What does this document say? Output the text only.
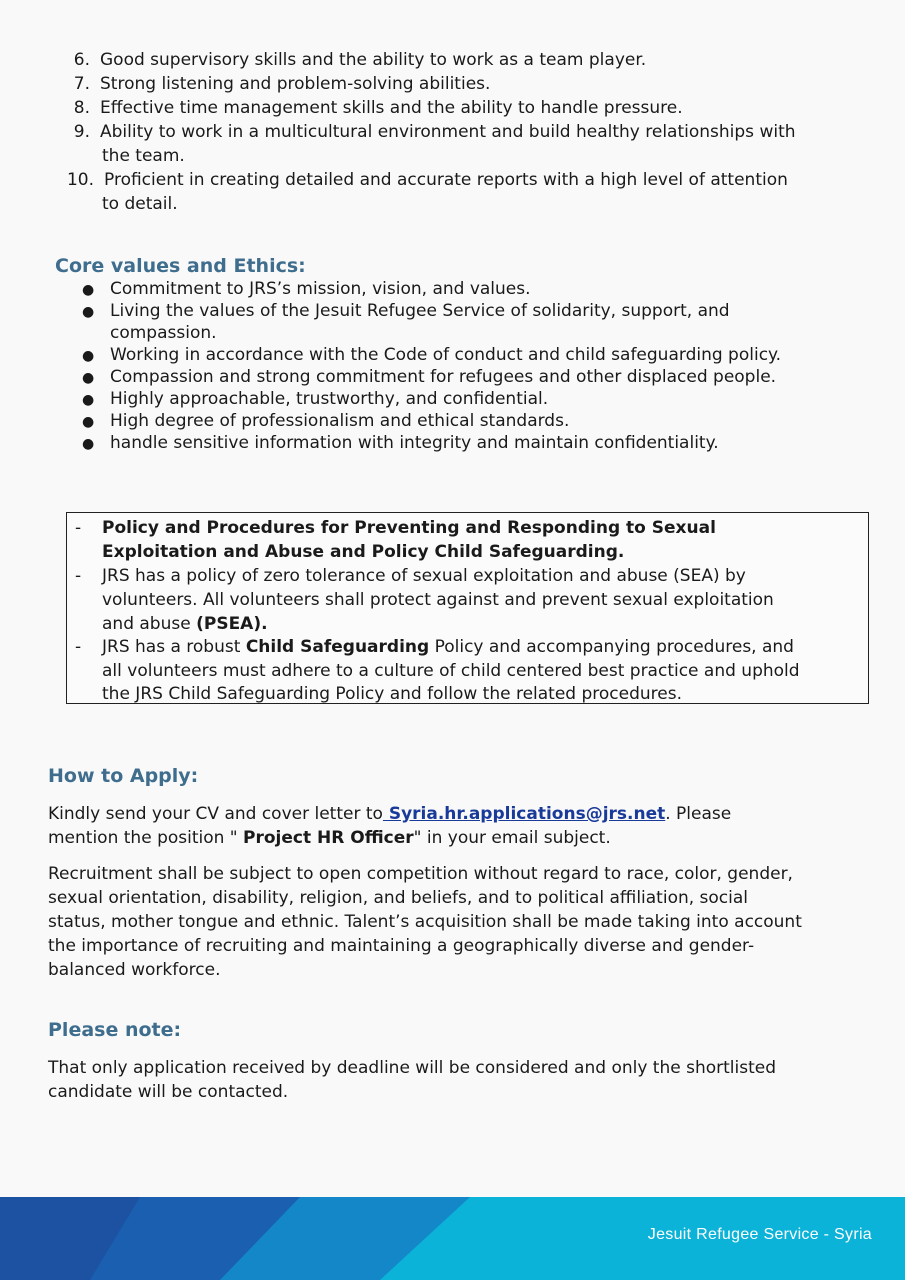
6. Good supervisory skills and the ability to work as a team player.
7. Strong listening and problem-solving abilities.
8. Effective time management skills and the ability to handle pressure.
9. Ability to work in a multicultural environment and build healthy relationships with
the team.
10. Proficient in creating detailed and accurate reports with a high level of attention
to detail.
Core values and Ethics:
● Commitment to JRS’s mission, vision, and values.
● Living the values of the Jesuit Refugee Service of solidarity, support, and
compassion.
● Working in accordance with the Code of conduct and child safeguarding policy.
● Compassion and strong commitment for refugees and other displaced people.
● Highly approachable, trustworthy, and confidential.
● High degree of professionalism and ethical standards.
● handle sensitive information with integrity and maintain confidentiality.
- Policy and Procedures for Preventing and Responding to Sexual
Exploitation and Abuse and Policy Child Safeguarding.
- JRS has a policy of zero tolerance of sexual exploitation and abuse (SEA) by
volunteers. All volunteers shall protect against and prevent sexual exploitation
and abuse (PSEA).
- JRS has a robust Child Safeguarding Policy and accompanying procedures, and
all volunteers must adhere to a culture of child centered best practice and uphold
the JRS Child Safeguarding Policy and follow the related procedures.
How to Apply:
Kindly send your CV and cover letter to Syria.hr.applications@jrs.net. Please
mention the position " Project HR Officer" in your email subject.
Recruitment shall be subject to open competition without regard to race, color, gender,
sexual orientation, disability, religion, and beliefs, and to political affiliation, social
status, mother tongue and ethnic. Talent’s acquisition shall be made taking into account
the importance of recruiting and maintaining a geographically diverse and gender-
balanced workforce.
Please note:
That only application received by deadline will be considered and only the shortlisted
candidate will be contacted.
Jesuit Refugee Service - Syria
